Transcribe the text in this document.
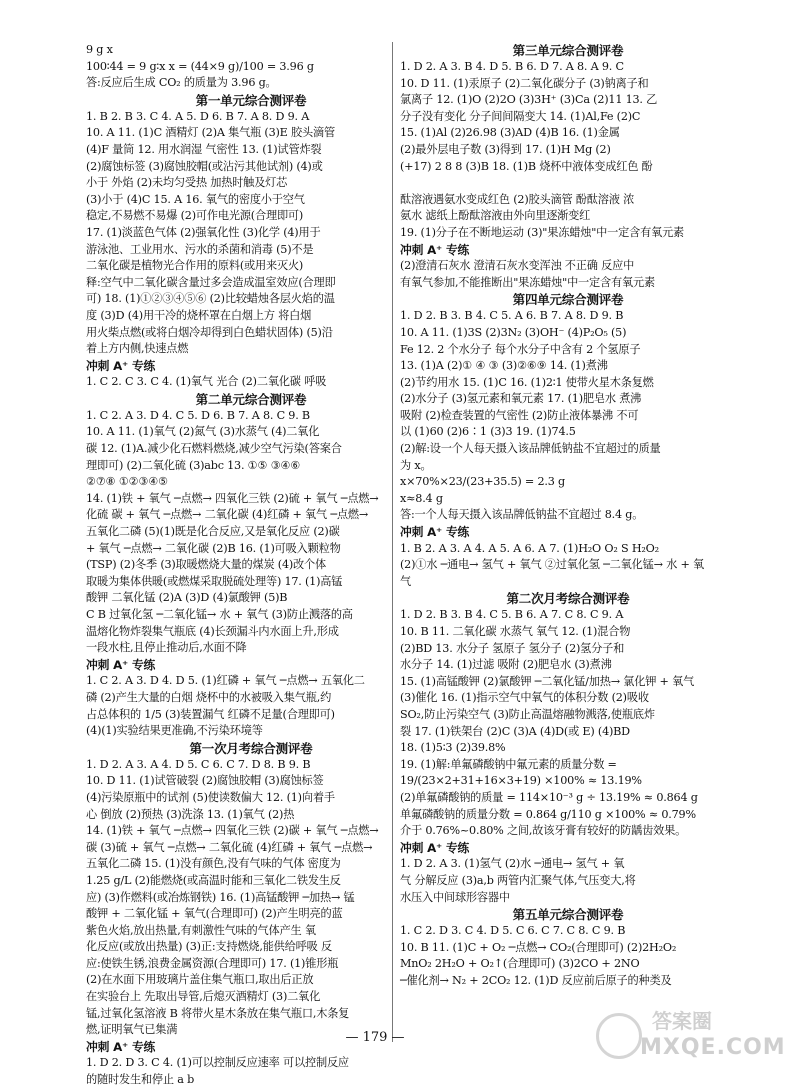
9 g x
100∶44 = 9 g∶x x = (44×9 g)/100 = 3.96 g
答:反应后生成 CO₂ 的质量为 3.96 g。
第一单元综合测评卷
1. B 2. B 3. C 4. A 5. D 6. B 7. A 8. D 9. A
10. A 11. (1)C 酒精灯 (2)A 集气瓶 (3)E 胶头滴管
(4)F 量筒 12. 用水润湿 气密性 13. (1)试管炸裂
(2)腐蚀标签 (3)腐蚀胶帽(或沾污其他试剂) (4)或
小于 外焰 (2)未均匀受热 加热时触及灯芯
(3)小于 (4)C 15. A 16. 氧气的密度小于空气
稳定,不易燃不易爆 (2)可作电光源(合理即可)
17. (1)淡蓝色气体 (2)强氧化性 (3)化学 (4)用于
游泳池、工业用水、污水的杀菌和消毒 (5)不是
二氧化碳是植物光合作用的原料(或用来灭火)
释:空气中二氧化碳含量过多会造成温室效应(合理即
可) 18. (1)①②③④⑤⑥ (2)比较蜡烛各层火焰的温
度 (3)D (4)用干冷的烧杯罩在白烟上方 将白烟
用火柴点燃(或将白烟冷却得到白色蜡状固体) (5)沿
着上方内侧,快速点燃
冲刺 A⁺ 专练
1. C 2. C 3. C 4. (1)氧气 光合 (2)二氧化碳 呼吸
第二单元综合测评卷
1. C 2. A 3. D 4. C 5. D 6. B 7. A 8. C 9. B
10. A 11. (1)氧气 (2)氮气 (3)水蒸气 (4)二氧化
碳 12. (1)A.减少化石燃料燃烧,减少空气污染(答案合
理即可) (2)二氧化硫 (3)abc 13. ①⑤ ③④⑥
②⑦⑧ ①②③④⑤
14. (1)铁 + 氧气 ─点燃→ 四氧化三铁 (2)硫 + 氧气 ─点燃→
化硫 碳 + 氧气 ─点燃→ 二氧化碳 (4)红磷 + 氧气 ─点燃→
五氧化二磷 (5)(1)既是化合反应,又是氧化反应 (2)碳
+ 氧气 ─点燃→ 二氧化碳 (2)B 16. (1)可吸入颗粒物
(TSP) (2)冬季 (3)取暖燃烧大量的煤炭 (4)改个体
取暖为集体供暖(或燃煤采取脱硫处理等) 17. (1)高锰
酸钾 二氧化锰 (2)A (3)D (4)氯酸钾 (5)B
C B 过氧化氢 ─二氧化锰→ 水 + 氧气 (3)防止溅落的高
温熔化物炸裂集气瓶底 (4)长颈漏斗内水面上升,形成
一段水柱,且停止推动后,水面不降
冲刺 A⁺ 专练
1. C 2. A 3. D 4. D 5. (1)红磷 + 氧气 ─点燃→ 五氧化二
磷 (2)产生大量的白烟 烧杯中的水被吸入集气瓶,约
占总体积的 1/5 (3)装置漏气 红磷不足量(合理即可)
(4)(1)实验结果更准确,不污染环境等
第一次月考综合测评卷
1. D 2. A 3. A 4. D 5. C 6. C 7. D 8. B 9. B
10. D 11. (1)试管破裂 (2)腐蚀胶帽 (3)腐蚀标签
(4)污染原瓶中的试剂 (5)使读数偏大 12. (1)向着手
心 倒放 (2)预热 (3)洗涤 13. (1)氧气 (2)热
14. (1)铁 + 氧气 ─点燃→ 四氧化三铁 (2)碳 + 氧气 ─点燃→
碳 (3)硫 + 氧气 ─点燃→ 二氧化硫 (4)红磷 + 氧气 ─点燃→
五氧化二磷 15. (1)没有颜色,没有气味的气体 密度为
1.25 g/L (2)能燃烧(或高温时能和三氧化二铁发生反
应) (3)作燃料(或冶炼钢铁) 16. (1)高锰酸钾 ─加热→ 锰
酸钾 + 二氧化锰 + 氧气(合理即可) (2)产生明亮的蓝
紫色火焰,放出热量,有刺激性气味的气体产生 氧
化反应(或放出热量) (3)正:支持燃烧,能供给呼吸 反
应:使铁生锈,浪费金属资源(合理即可) 17. (1)锥形瓶
(2)在水面下用玻璃片盖住集气瓶口,取出后正放
在实验台上 先取出导管,后熄灭酒精灯 (3)二氧化
锰,过氧化氢溶液 B 将带火星木条放在集气瓶口,木条复
燃,证明氧气已集满
冲刺 A⁺ 专练
1. D 2. D 3. C 4. (1)可以控制反应速率 可以控制反应
的随时发生和停止 a b
第三单元综合测评卷
1. D 2. A 3. B 4. D 5. B 6. D 7. A 8. A 9. C
10. D 11. (1)汞原子 (2)二氧化碳分子 (3)钠离子和
氯离子 12. (1)O (2)2O (3)3H⁺ (3)Ca (2)11 13. 乙
分子没有变化 分子间间隔变大 14. (1)Al,Fe (2)C
15. (1)Al (2)26.98 (3)AD (4)B 16. (1)金属
(2)最外层电子数 (3)得到 17. (1)H Mg (2)
(+17) 2 8 8 (3)B 18. (1)B 烧杯中液体变成红色 酚

酞溶液遇氨水变成红色 (2)胶头滴管 酚酞溶液 浓
氨水 滤纸上酚酞溶液由外向里逐渐变红
19. (1)分子在不断地运动 (3)"果冻蜡烛"中一定含有氧元素
冲刺 A⁺ 专练
(2)澄清石灰水 澄清石灰水变浑浊 不正确 反应中
有氧气参加,不能推断出"果冻蜡烛"中一定含有氧元素
第四单元综合测评卷
1. D 2. B 3. B 4. C 5. A 6. B 7. A 8. D 9. B
10. A 11. (1)3S (2)3N₂ (3)OH⁻ (4)P₂O₅ (5)
Fe 12. 2 个水分子 每个水分子中含有 2 个氢原子
13. (1)A (2)① ④ ③ (3)②⑥⑨ 14. (1)煮沸
(2)节约用水 15. (1)C 16. (1)2∶1 使带火星木条复燃
(2)水分子 (3)氢元素和氧元素 17. (1)肥皂水 煮沸
吸附 (2)检查装置的气密性 (2)防止液体暴沸 不可
以 (1)60 (2)6∶1 (3)3 19. (1)74.5
(2)解:设一个人每天摄入该品牌低钠盐不宜超过的质量
为 x。
x×70%×23/(23+35.5) = 2.3 g
x≈8.4 g
答:一个人每天摄入该品牌低钠盐不宜超过 8.4 g。
冲刺 A⁺ 专练
1. B 2. A 3. A 4. A 5. A 6. A 7. (1)H₂O O₂ S H₂O₂
(2)①水 ─通电→ 氢气 + 氧气 ②过氧化氢 ─二氧化锰→ 水 + 氧
气
第二次月考综合测评卷
1. D 2. B 3. B 4. C 5. B 6. A 7. C 8. C 9. A
10. B 11. 二氧化碳 水蒸气 氧气 12. (1)混合物
(2)BD 13. 水分子 氢原子 氢分子 (2)氢分子和
水分子 14. (1)过滤 吸附 (2)肥皂水 (3)煮沸
15. (1)高锰酸钾 (2)氯酸钾 ─二氧化锰/加热→ 氯化钾 + 氧气
(3)催化 16. (1)指示空气中氧气的体积分数 (2)吸收
SO₂,防止污染空气 (3)防止高温熔融物溅落,使瓶底炸
裂 17. (1)铁架台 (2)C (3)A (4)D(或 E) (4)BD
18. (1)5∶3 (2)39.8%
19. (1)解:单氟磷酸钠中氟元素的质量分数 =
19/(23×2+31+16×3+19) ×100% ≈ 13.19%
(2)单氟磷酸钠的质量 = 114×10⁻³ g ÷ 13.19% ≈ 0.864 g
单氟磷酸钠的质量分数 = 0.864 g/110 g ×100% ≈ 0.79%
介于 0.76%~0.80% 之间,故该牙膏有较好的防龋齿效果。
冲刺 A⁺ 专练
1. D 2. A 3. (1)氢气 (2)水 ─通电→ 氢气 + 氧
气 分解反应 (3)a,b 两管内汇聚气体,气压变大,将
水压入中间球形容器中
第五单元综合测评卷
1. C 2. D 3. C 4. D 5. C 6. C 7. C 8. C 9. B
10. B 11. (1)C + O₂ ─点燃→ CO₂(合理即可) (2)2H₂O₂
MnO₂ 2H₂O + O₂↑(合理即可) (3)2CO + 2NO
─催化剂→ N₂ + 2CO₂ 12. (1)D 反应前后原子的种类及
— 179 —
答案圈
MXQE.COM
